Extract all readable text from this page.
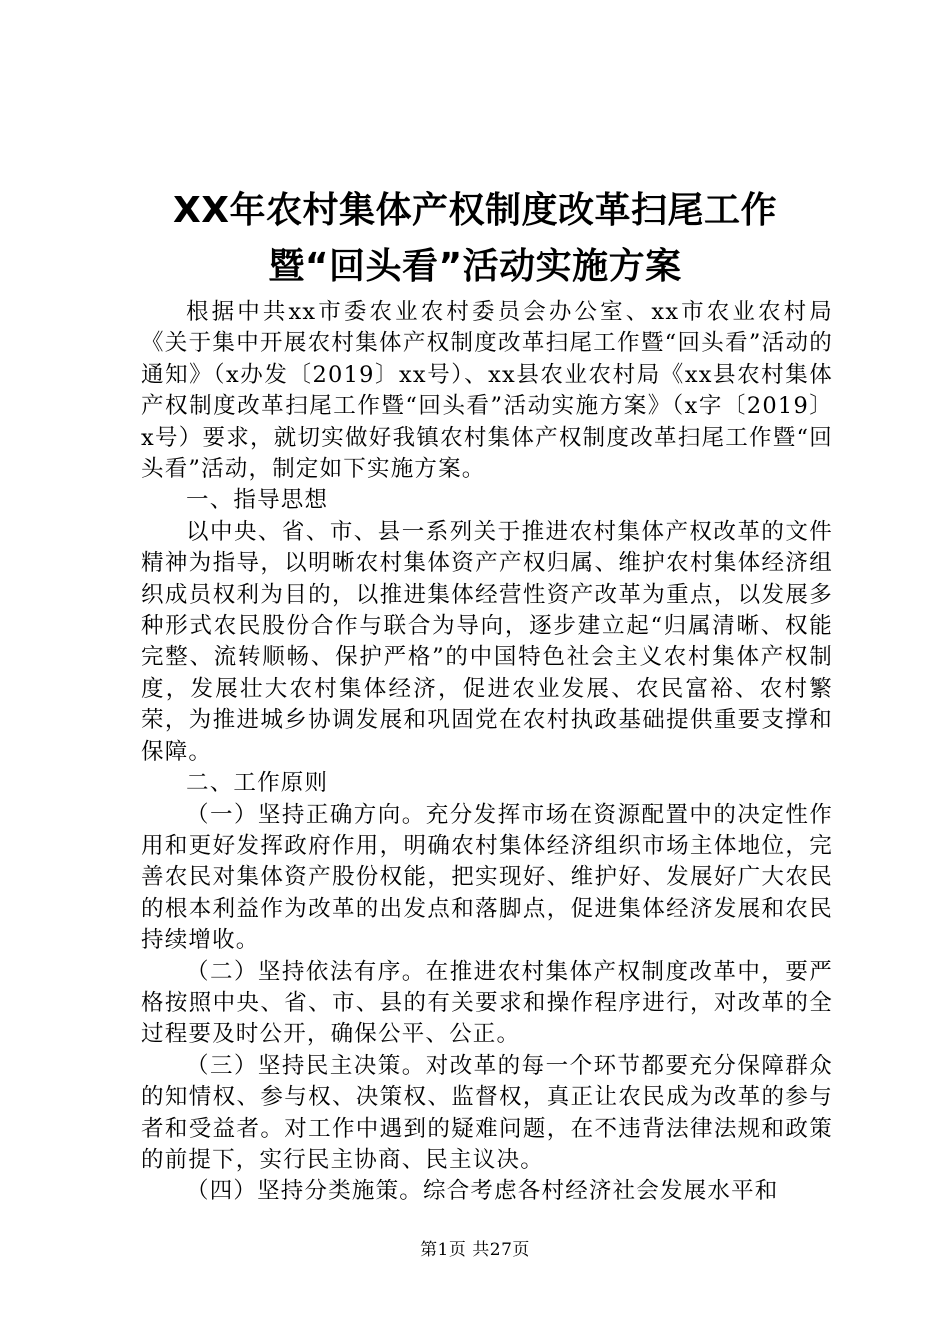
XX年农村集体产权制度改革扫尾工作暨“回头看”活动实施方案

根据中共xx市委农业农村委员会办公室、xx市农业农村局《关于集中开展农村集体产权制度改革扫尾工作暨“回头看”活动的通知》（x办发〔2019〕xx号）、xx县农业农村局《xx县农村集体产权制度改革扫尾工作暨“回头看”活动实施方案》（x字〔2019〕x号）要求，就切实做好我镇农村集体产权制度改革扫尾工作暨“回头看”活动，制定如下实施方案。

一、指导思想

以中央、省、市、县一系列关于推进农村集体产权改革的文件精神为指导，以明晰农村集体资产产权归属、维护农村集体经济组织成员权利为目的，以推进集体经营性资产改革为重点，以发展多种形式农民股份合作与联合为导向，逐步建立起“归属清晰、权能完整、流转顺畅、保护严格”的中国特色社会主义农村集体产权制度，发展壮大农村集体经济，促进农业发展、农民富裕、农村繁荣，为推进城乡协调发展和巩固党在农村执政基础提供重要支撑和保障。

二、工作原则

（一）坚持正确方向。充分发挥市场在资源配置中的决定性作用和更好发挥政府作用，明确农村集体经济组织市场主体地位，完善农民对集体资产股份权能，把实现好、维护好、发展好广大农民的根本利益作为改革的出发点和落脚点，促进集体经济发展和农民持续增收。

（二）坚持依法有序。在推进农村集体产权制度改革中，要严格按照中央、省、市、县的有关要求和操作程序进行，对改革的全过程要及时公开，确保公平、公正。

（三）坚持民主决策。对改革的每一个环节都要充分保障群众的知情权、参与权、决策权、监督权，真正让农民成为改革的参与者和受益者。对工作中遇到的疑难问题，在不违背法律法规和政策的前提下，实行民主协商、民主议决。

（四）坚持分类施策。综合考虑各村经济社会发展水平和

第1页 共27页
